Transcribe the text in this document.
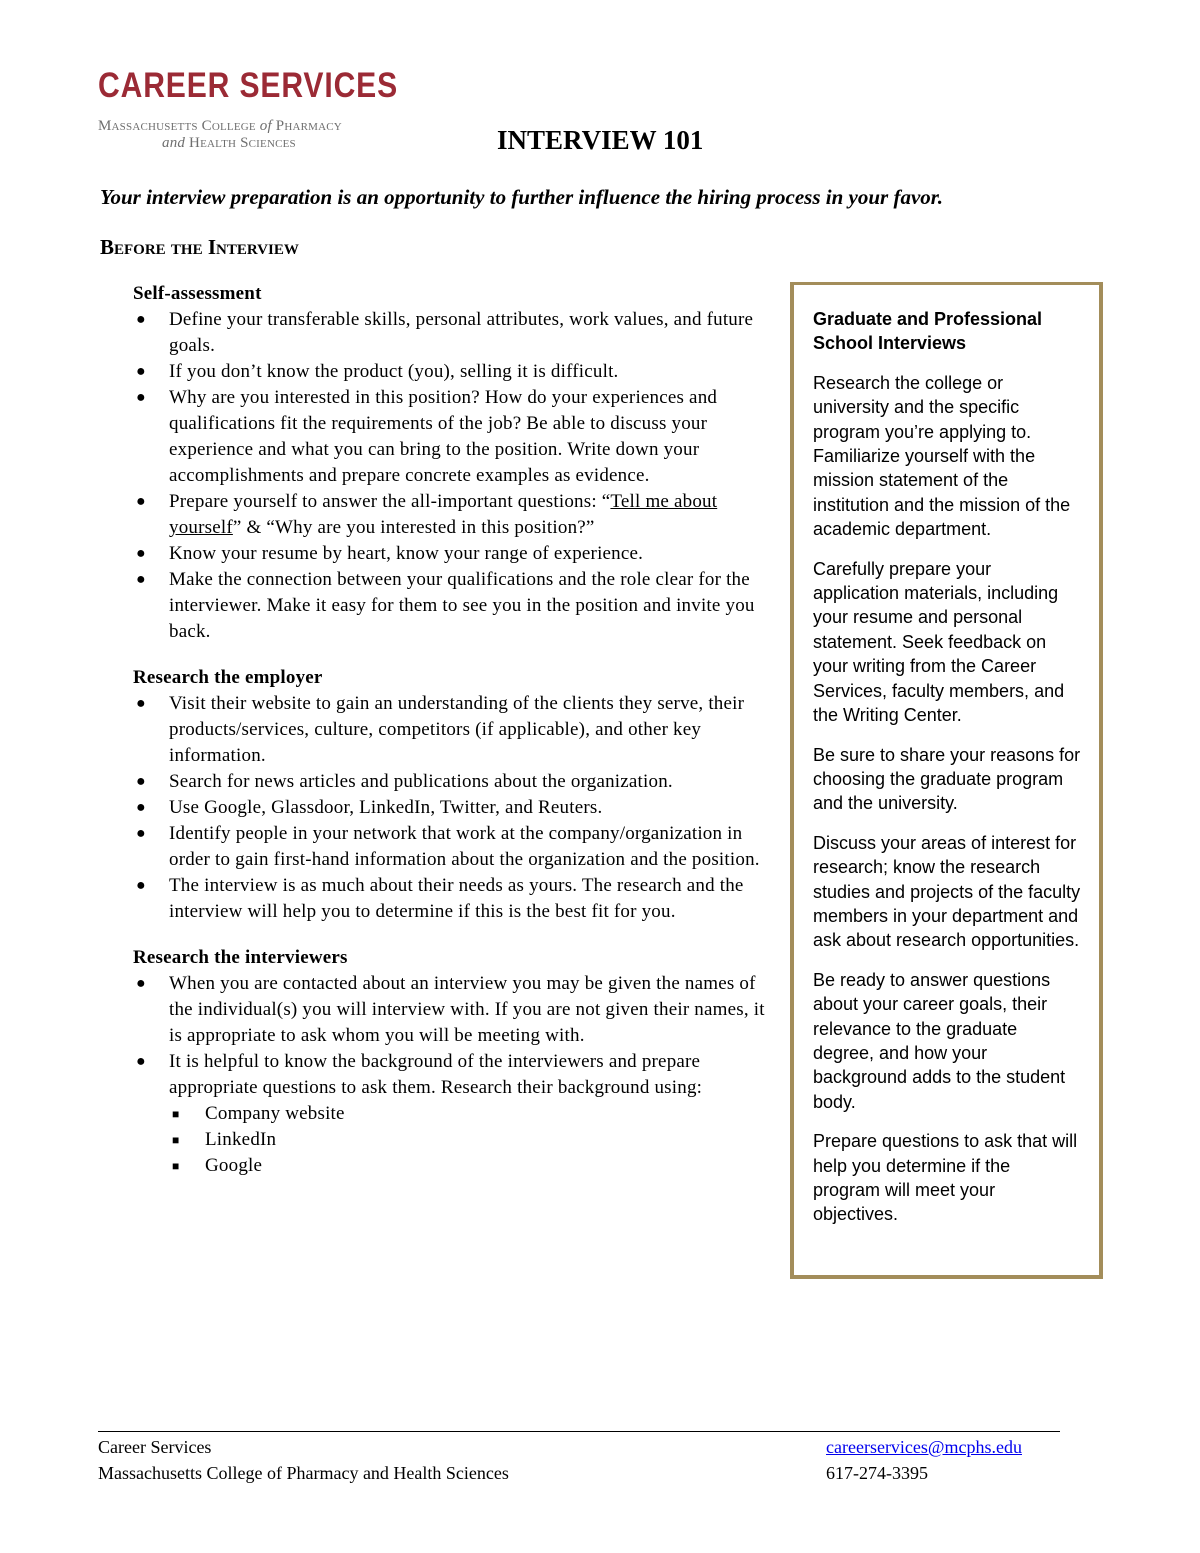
CAREER SERVICES
Massachusetts College of Pharmacy
and Health Sciences	INTERVIEW 101

Your interview preparation is an opportunity to further influence the hiring process in your favor.

Before the Interview

Self-assessment

● Define your transferable skills, personal attributes, work values, and future goals.
● If you don’t know the product (you), selling it is difficult.
● Why are you interested in this position? How do your experiences and qualifications fit the requirements of the job? Be able to discuss your experience and what you can bring to the position. Write down your accomplishments and prepare concrete examples as evidence.
● Prepare yourself to answer the all-important questions: “Tell me about yourself” & “Why are you interested in this position?”
● Know your resume by heart, know your range of experience.
● Make the connection between your qualifications and the role clear for the interviewer. Make it easy for them to see you in the position and invite you back.

Research the employer

● Visit their website to gain an understanding of the clients they serve, their products/services, culture, competitors (if applicable), and other key information.
● Search for news articles and publications about the organization.
● Use Google, Glassdoor, LinkedIn, Twitter, and Reuters.
● Identify people in your network that work at the company/organization in order to gain first-hand information about the organization and the position.
● The interview is as much about their needs as yours. The research and the interview will help you to determine if this is the best fit for you.

Research the interviewers

● When you are contacted about an interview you may be given the names of the individual(s) you will interview with. If you are not given their names, it is appropriate to ask whom you will be meeting with.
● It is helpful to know the background of the interviewers and prepare appropriate questions to ask them. Research their background using:
■ Company website
■ LinkedIn
■ Google

Graduate and Professional School Interviews

Research the college or university and the specific program you’re applying to. Familiarize yourself with the mission statement of the institution and the mission of the academic department.

Carefully prepare your application materials, including your resume and personal statement. Seek feedback on your writing from the Career Services, faculty members, and the Writing Center.

Be sure to share your reasons for choosing the graduate program and the university.

Discuss your areas of interest for research; know the research studies and projects of the faculty members in your department and ask about research opportunities.

Be ready to answer questions about your career goals, their relevance to the graduate degree, and how your background adds to the student body.

Prepare questions to ask that will help you determine if the program will meet your objectives.

Career Services
Massachusetts College of Pharmacy and Health Sciences
careerservices@mcphs.edu
617-274-3395
